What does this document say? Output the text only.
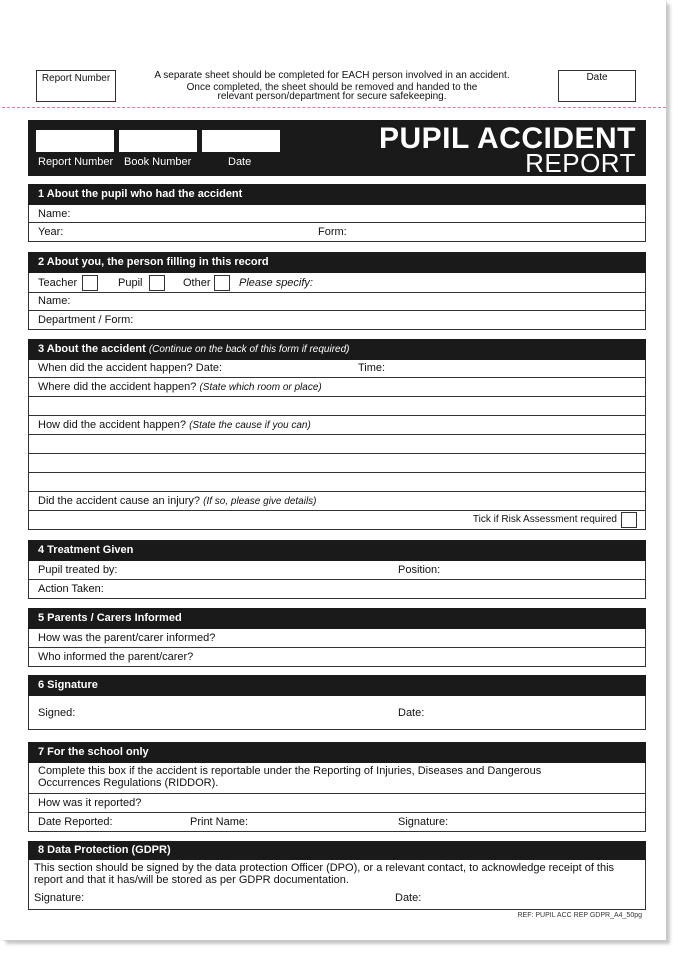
Report Number	A separate sheet should be completed for EACH person involved in an accident.
Once completed, the sheet should be removed and handed to the
relevant person/department for secure safekeeping.
Date
Report Number Book Number	Date
PUPIL ACCIDENT
REPORT
1 About the pupil who had the accident
Name:
Year:	Form:
2 About you, the person filling in this record
Teacher	Pupil	Other	Please specify:
Name:
Department / Form:
3 About the accident (Continue on the back of this form if required)
When did the accident happen? Date:	Time:
Where did the accident happen? (State which room or place)
How did the accident happen? (State the cause if you can)
Did the accident cause an injury? (If so, please give details)
Tick if Risk Assessment required
4 Treatment Given
Pupil treated by:	Position:
Action Taken:
5 Parents / Carers Informed
How was the parent/carer informed?
Who informed the parent/carer?
6 Signature
Signed:	Date:
7 For the school only
Complete this box if the accident is reportable under the Reporting of Injuries, Diseases and Dangerous
Occurrences Regulations (RIDDOR).
How was it reported?
Date Reported:	Print Name:	Signature:
8 Data Protection (GDPR)
This section should be signed by the data protection Officer (DPO), or a relevant contact, to acknowledge receipt of this
report and that it has/will be stored as per GDPR documentation.
Signature:	Date:
REF: PUPIL ACC REP GDPR_A4_50pg
